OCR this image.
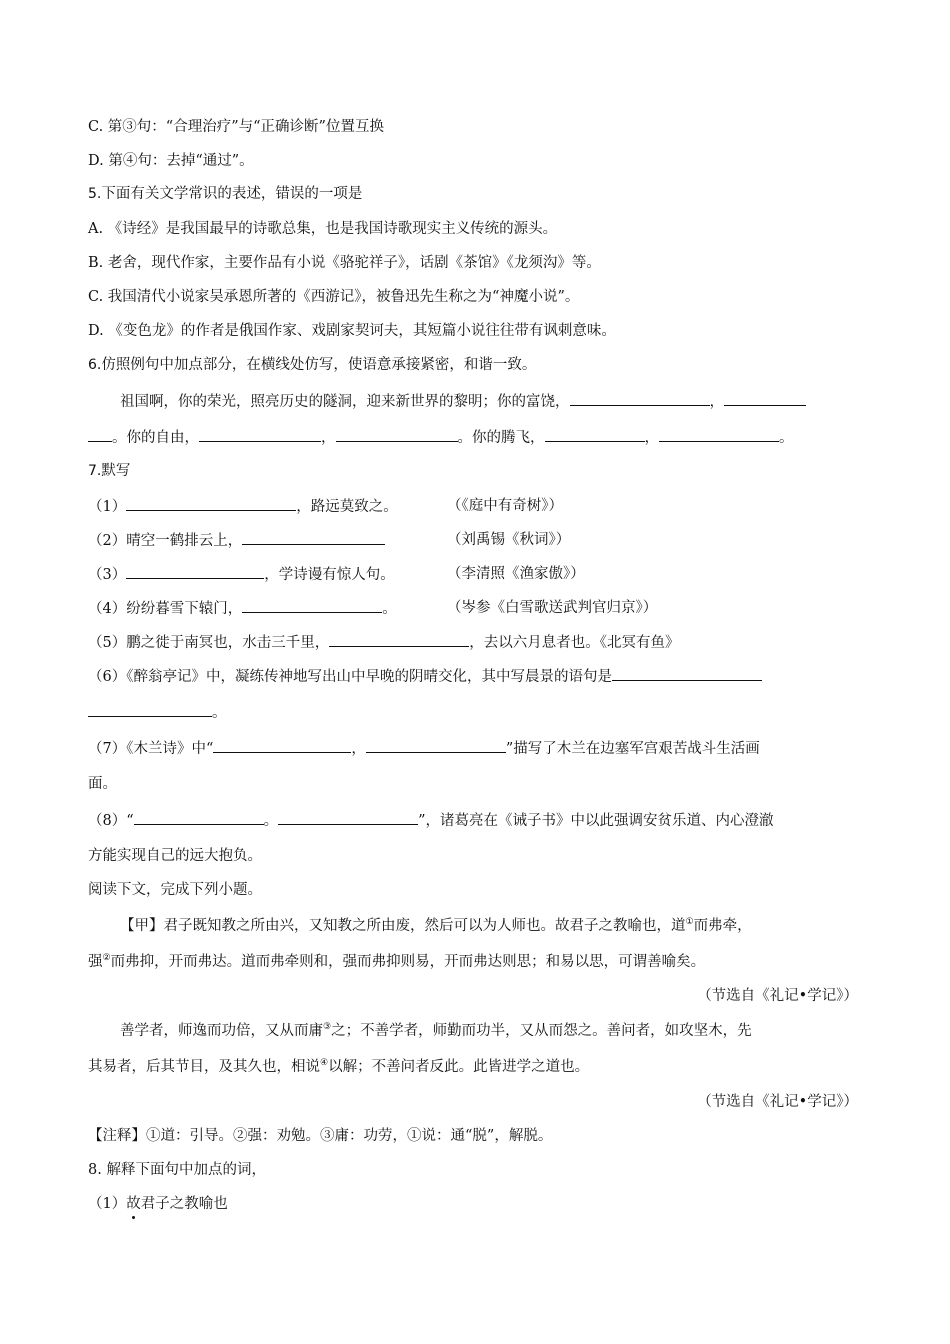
C. 第③句：“合理治疗”与“正确诊断”位置互换
D. 第④句：去掉“通过”。
5.下面有关文学常识的表述，错误的一项是
A. 《诗经》是我国最早的诗歌总集，也是我国诗歌现实主义传统的源头。
B. 老舍，现代作家，主要作品有小说《骆驼祥子》，话剧《茶馆》《龙须沟》等。
C. 我国清代小说家吴承恩所著的《西游记》，被鲁迅先生称之为“神魔小说”。
D. 《变色龙》的作者是俄国作家、戏剧家契诃夫，其短篇小说往往带有讽刺意味。
6.仿照例句中加点部分，在横线处仿写，使语意承接紧密，和谐一致。
祖国啊，你的荣光，照亮历史的隧洞，迎来新世界的黎明；你的富饶，	，
。你的自由，	，	。你的腾飞，	，	。
7.默写
（1）	，路远莫致之。	（《庭中有奇树》）
（2）晴空一鹤排云上，	（刘禹锡《秋词》）
（3）	，学诗谩有惊人句。	（李清照《渔家傲》）
（4）纷纷暮雪下辕门，	。	（岑参《白雪歌送武判官归京》）
（5）鹏之徙于南冥也，水击三千里，	，去以六月息者也。《北冥有鱼》
（6）《醉翁亭记》中，凝练传神地写出山中早晚的阴晴交化，其中写晨景的语句是
。
（7）《木兰诗》中“	，	”描写了木兰在边塞军宫艰苦战斗生活画
面。
（8）“	。	”，诸葛亮在《诫子书》中以此强调安贫乐道、内心澄澈
方能实现自己的远大抱负。
阅读下文，完成下列小题。
【甲】君子既知教之所由兴，又知教之所由废，然后可以为人师也。故君子之教喻也，道①而弗牵，
强②而弗抑，开而弗达。道而弗牵则和，强而弗抑则易，开而弗达则思；和易以思，可谓善喻矣。
（节选自《礼记•学记》）
善学者，师逸而功倍，又从而庸③之；不善学者，师勤而功半，又从而怨之。善问者，如攻坚木，先
其易者，后其节目，及其久也，相说④以解；不善问者反此。此皆进学之道也。
（节选自《礼记•学记》）
【注释】①道：引导。②强：劝勉。③庸：功劳，①说：通“脱”，解脱。
8. 解释下面句中加点的词，
（1）故君子之教喻也
